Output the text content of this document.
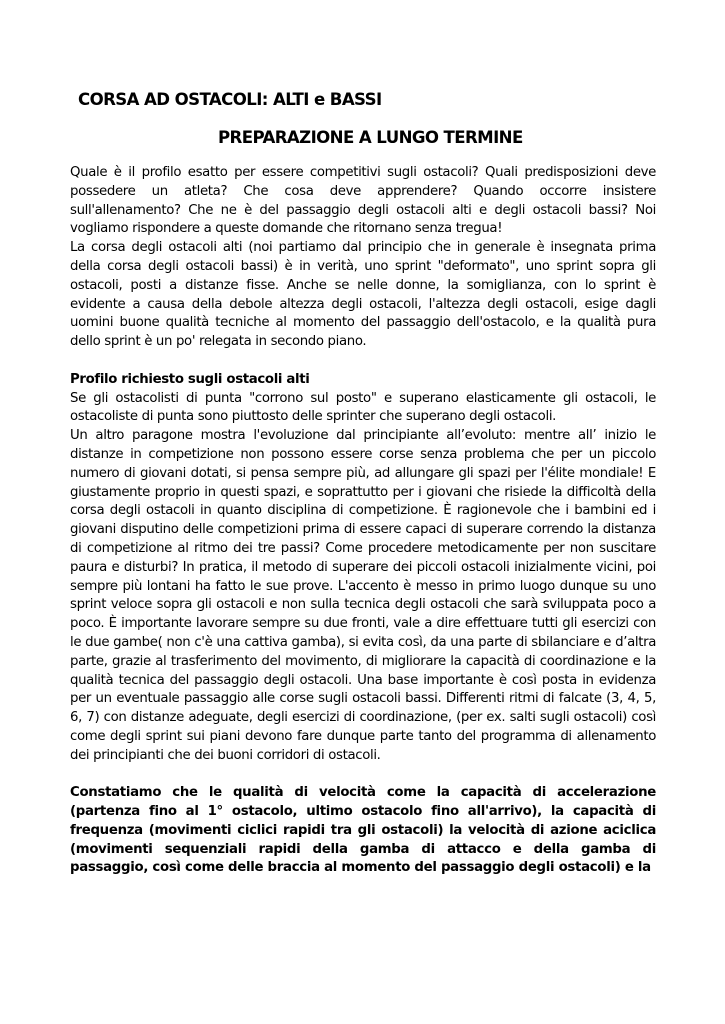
CORSA AD OSTACOLI: ALTI e BASSI
PREPARAZIONE A LUNGO TERMINE

Quale è il profilo esatto per essere competitivi sugli ostacoli? Quali predisposizioni deve possedere un atleta? Che cosa deve apprendere? Quando occorre insistere sull'allenamento? Che ne è del passaggio degli ostacoli alti e degli ostacoli bassi? Noi vogliamo rispondere a queste domande che ritornano senza tregua!

La corsa degli ostacoli alti (noi partiamo dal principio che in generale è insegnata prima della corsa degli ostacoli bassi) è in verità, uno sprint "deformato", uno sprint sopra gli ostacoli, posti a distanze fisse. Anche se nelle donne, la somiglianza, con lo sprint è evidente a causa della debole altezza degli ostacoli, l'altezza degli ostacoli, esige dagli uomini buone qualità tecniche al momento del passaggio dell'ostacolo, e la qualità pura dello sprint è un po' relegata in secondo piano.

Profilo richiesto sugli ostacoli alti

Se gli ostacolisti di punta "corrono sul posto" e superano elasticamente gli ostacoli, le ostacoliste di punta sono piuttosto delle sprinter che superano degli ostacoli.

Un altro paragone mostra l'evoluzione dal principiante all’evoluto: mentre all’ inizio le distanze in competizione non possono essere corse senza problema che per un piccolo numero di giovani dotati, si pensa sempre più, ad allungare gli spazi per l'élite mondiale! E giustamente proprio in questi spazi, e soprattutto per i giovani che risiede la difficoltà della corsa degli ostacoli in quanto disciplina di competizione. È ragionevole che i bambini ed i giovani disputino delle competizioni prima di essere capaci di superare correndo la distanza di competizione al ritmo dei tre passi? Come procedere metodicamente per non suscitare paura e disturbi? In pratica, il metodo di superare dei piccoli ostacoli inizialmente vicini, poi sempre più lontani ha fatto le sue prove. L'accento è messo in primo luogo dunque su uno sprint veloce sopra gli ostacoli e non sulla tecnica degli ostacoli che sarà sviluppata poco a poco. È importante lavorare sempre su due fronti, vale a dire effettuare tutti gli esercizi con le due gambe( non c'è una cattiva gamba), si evita così, da una parte di sbilanciare e d’altra parte, grazie al trasferimento del movimento, di migliorare la capacità di coordinazione e la qualità tecnica del passaggio degli ostacoli. Una base importante è così posta in evidenza per un eventuale passaggio alle corse sugli ostacoli bassi. Differenti ritmi di falcate (3, 4, 5, 6, 7) con distanze adeguate, degli esercizi di coordinazione, (per ex. salti sugli ostacoli) così come degli sprint sui piani devono fare dunque parte tanto del programma di allenamento dei principianti che dei buoni corridori di ostacoli.

Constatiamo che le qualità di velocità come la capacità di accelerazione (partenza fino al 1° ostacolo, ultimo ostacolo fino all'arrivo), la capacità di frequenza (movimenti ciclici rapidi tra gli ostacoli) la velocità di azione aciclica (movimenti sequenziali rapidi della gamba di attacco e della gamba di passaggio, così come delle braccia al momento del passaggio degli ostacoli) e la
